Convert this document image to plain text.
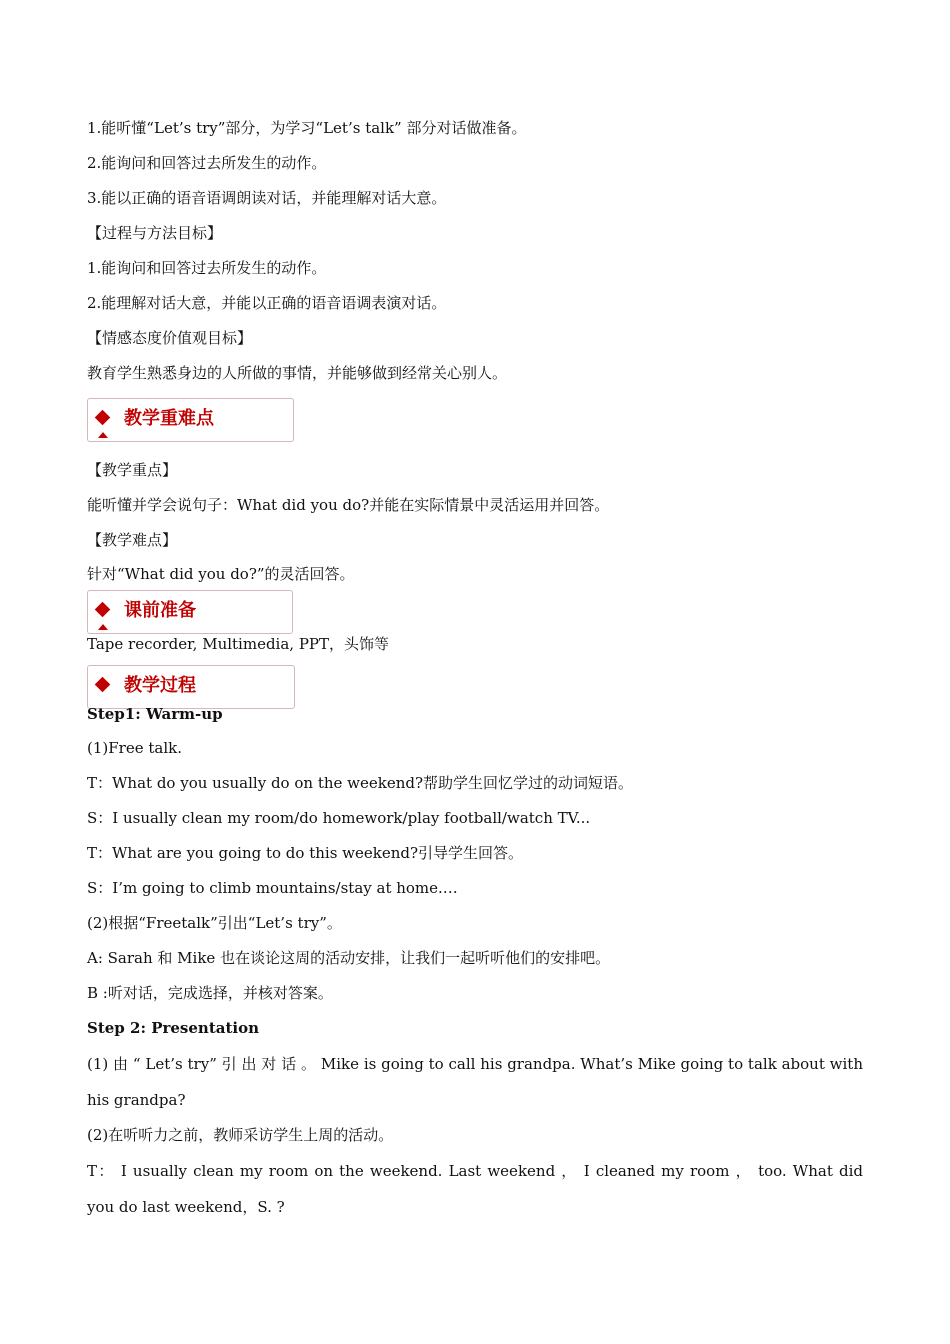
1.能听懂“Let’s try”部分，为学习“Let’s talk” 部分对话做准备。
2.能询问和回答过去所发生的动作。
3.能以正确的语音语调朗读对话，并能理解对话大意。
【过程与方法目标】
1.能询问和回答过去所发生的动作。
2.能理解对话大意，并能以正确的语音语调表演对话。
【情感态度价值观目标】
教育学生熟悉身边的人所做的事情，并能够做到经常关心别人。
教学重难点
【教学重点】
能听懂并学会说句子：What did you do?并能在实际情景中灵活运用并回答。
【教学难点】
针对“What did you do?”的灵活回答。
课前准备
Tape recorder, Multimedia, PPT，头饰等
教学过程
Step1: Warm-up
(1)Free talk.
T：What do you usually do on the weekend?帮助学生回忆学过的动词短语。
S：I usually clean my room/do homework/play football/watch TV...
T：What are you going to do this weekend?引导学生回答。
S：I’m going to climb mountains/stay at home.…
(2)根据“Freetalk”引出“Let’s try”。
A: Sarah 和 Mike 也在谈论这周的活动安排，让我们一起听听他们的安排吧。
B :听对话，完成选择，并核对答案。
Step 2: Presentation
(1) 由 “ Let’s try” 引 出 对 话 。 Mike is going to call his grandpa. What’s Mike going to talk about with his grandpa?
(2)在听听力之前，教师采访学生上周的活动。
T： I usually clean my room on the weekend. Last weekend ， I cleaned my room ， too. What did you do last weekend，S. ?
